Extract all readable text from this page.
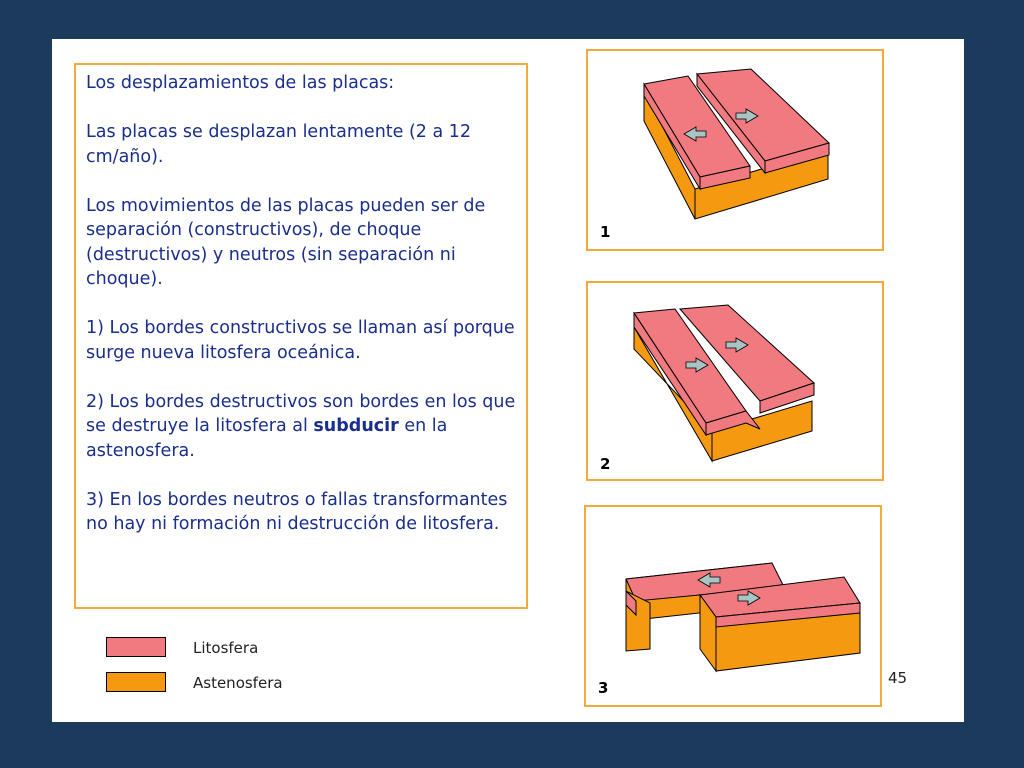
Los desplazamientos de las placas:

Las placas se desplazan lentamente (2 a 12 cm/año).

Los movimientos de las placas pueden ser de separación (constructivos), de choque (destructivos) y neutros (sin separación ni choque).

1) Los bordes constructivos se llaman así porque surge nueva litosfera oceánica.

2) Los bordes destructivos son bordes en los que se destruye la litosfera al subducir en la astenosfera.

3) En los bordes neutros o fallas transformantes no hay ni formación ni destrucción de litosfera.

1
2
3
Litosfera
Astenosfera	45
